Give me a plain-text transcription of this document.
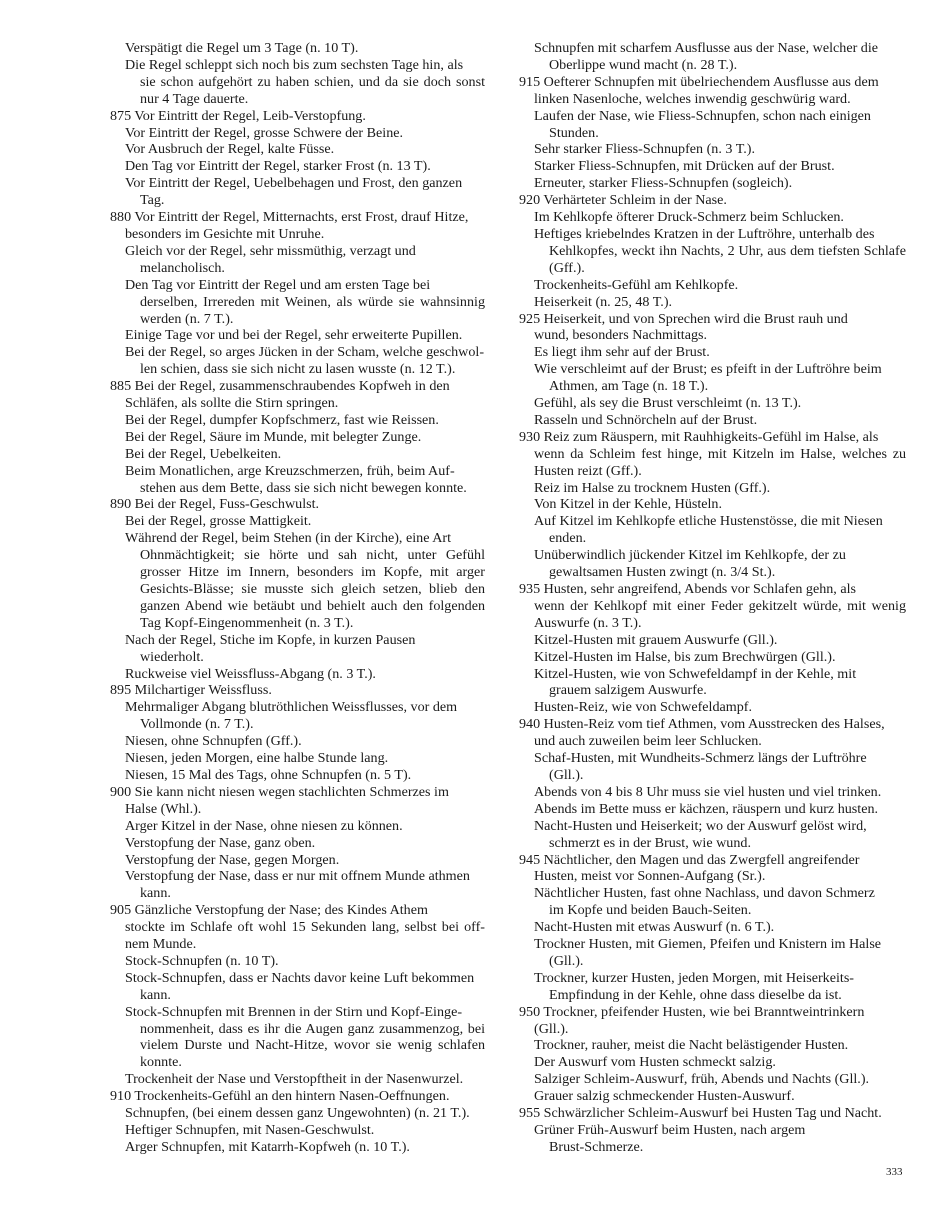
Verspätigt die Regel um 3 Tage (n. 10 T).

Die Regel schleppt sich noch bis zum sechsten Tage hin, als
sie schon aufgehört zu haben schien, und da sie doch sonst nur 4 Tage dauerte.

875 Vor Eintritt der Regel, Leib-Verstopfung.

Vor Eintritt der Regel, grosse Schwere der Beine.

Vor Ausbruch der Regel, kalte Füsse.

Den Tag vor Eintritt der Regel, starker Frost (n. 13 T).

Vor Eintritt der Regel, Uebelbehagen und Frost, den ganzen
Tag.

880 Vor Eintritt der Regel, Mitternachts, erst Frost, drauf Hitze,
besonders im Gesichte mit Unruhe.

Gleich vor der Regel, sehr missmüthig, verzagt und
melancholisch.

Den Tag vor Eintritt der Regel und am ersten Tage bei
derselben, Irrereden mit Weinen, als würde sie wahnsinnig werden (n. 7 T.).

Einige Tage vor und bei der Regel, sehr erweiterte Pupillen.

Bei der Regel, so arges Jücken in der Scham, welche geschwol-
len schien, dass sie sich nicht zu lasen wusste (n. 12 T.).

885 Bei der Regel, zusammenschraubendes Kopfweh in den
Schläfen, als sollte die Stirn springen.

Bei der Regel, dumpfer Kopfschmerz, fast wie Reissen.

Bei der Regel, Säure im Munde, mit belegter Zunge.

Bei der Regel, Uebelkeiten.

Beim Monatlichen, arge Kreuzschmerzen, früh, beim Auf-
stehen aus dem Bette, dass sie sich nicht bewegen konnte.

890 Bei der Regel, Fuss-Geschwulst.

Bei der Regel, grosse Mattigkeit.

Während der Regel, beim Stehen (in der Kirche), eine Art
Ohnmächtigkeit; sie hörte und sah nicht, unter Gefühl grosser Hitze im Innern, besonders im Kopfe, mit arger Gesichts-Blässe; sie musste sich gleich setzen, blieb den ganzen Abend wie betäubt und behielt auch den folgenden Tag Kopf-Eingenommenheit (n. 3 T.).

Nach der Regel, Stiche im Kopfe, in kurzen Pausen
wiederholt.

Ruckweise viel Weissfluss-Abgang (n. 3 T.).

895 Milchartiger Weissfluss.

Mehrmaliger Abgang blutröthlichen Weissflusses, vor dem
Vollmonde (n. 7 T.).

Niesen, ohne Schnupfen (Gff.).

Niesen, jeden Morgen, eine halbe Stunde lang.

Niesen, 15 Mal des Tags, ohne Schnupfen (n. 5 T).

900 Sie kann nicht niesen wegen stachlichten Schmerzes im
Halse (Whl.).

Arger Kitzel in der Nase, ohne niesen zu können.

Verstopfung der Nase, ganz oben.

Verstopfung der Nase, gegen Morgen.

Verstopfung der Nase, dass er nur mit offnem Munde athmen
kann.

905 Gänzliche Verstopfung der Nase; des Kindes Athem
stockte im Schlafe oft wohl 15 Sekunden lang, selbst bei off-nem Munde.

Stock-Schnupfen (n. 10 T).

Stock-Schnupfen, dass er Nachts davor keine Luft bekommen
kann.

Stock-Schnupfen mit Brennen in der Stirn und Kopf-Einge-
nommenheit, dass es ihr die Augen ganz zusammenzog, bei vielem Durste und Nacht-Hitze, wovor sie wenig schlafen konnte.

Trockenheit der Nase und Verstopftheit in der Nasenwurzel.

910 Trockenheits-Gefühl an den hintern Nasen-Oeffnungen.

Schnupfen, (bei einem dessen ganz Ungewohnten) (n. 21 T.).

Heftiger Schnupfen, mit Nasen-Geschwulst.

Arger Schnupfen, mit Katarrh-Kopfweh (n. 10 T.).

Schnupfen mit scharfem Ausflusse aus der Nase, welcher die
Oberlippe wund macht (n. 28 T.).

915 Oefterer Schnupfen mit übelriechendem Ausflusse aus dem
linken Nasenloche, welches inwendig geschwürig ward.

Laufen der Nase, wie Fliess-Schnupfen, schon nach einigen
Stunden.

Sehr starker Fliess-Schnupfen (n. 3 T.).

Starker Fliess-Schnupfen, mit Drücken auf der Brust.

Erneuter, starker Fliess-Schnupfen (sogleich).

920 Verhärteter Schleim in der Nase.

Im Kehlkopfe öfterer Druck-Schmerz beim Schlucken.

Heftiges kriebelndes Kratzen in der Luftröhre, unterhalb des
Kehlkopfes, weckt ihn Nachts, 2 Uhr, aus dem tiefsten Schlafe (Gff.).

Trockenheits-Gefühl am Kehlkopfe.

Heiserkeit (n. 25, 48 T.).

925 Heiserkeit, und von Sprechen wird die Brust rauh und
wund, besonders Nachmittags.

Es liegt ihm sehr auf der Brust.

Wie verschleimt auf der Brust; es pfeift in der Luftröhre beim
Athmen, am Tage (n. 18 T.).

Gefühl, als sey die Brust verschleimt (n. 13 T.).

Rasseln und Schnörcheln auf der Brust.

930 Reiz zum Räuspern, mit Rauhhigkeits-Gefühl im Halse, als
wenn da Schleim fest hinge, mit Kitzeln im Halse, welches zu Husten reizt (Gff.).

Reiz im Halse zu trocknem Husten (Gff.).

Von Kitzel in der Kehle, Hüsteln.

Auf Kitzel im Kehlkopfe etliche Hustenstösse, die mit Niesen
enden.

Unüberwindlich jückender Kitzel im Kehlkopfe, der zu
gewaltsamen Husten zwingt (n. 3/4 St.).

935 Husten, sehr angreifend, Abends vor Schlafen gehn, als
wenn der Kehlkopf mit einer Feder gekitzelt würde, mit wenig Auswurfe (n. 3 T.).

Kitzel-Husten mit grauem Auswurfe (Gll.).

Kitzel-Husten im Halse, bis zum Brechwürgen (Gll.).

Kitzel-Husten, wie von Schwefeldampf in der Kehle, mit
grauem salzigem Auswurfe.

Husten-Reiz, wie von Schwefeldampf.

940 Husten-Reiz vom tief Athmen, vom Ausstrecken des Halses,
und auch zuweilen beim leer Schlucken.

Schaf-Husten, mit Wundheits-Schmerz längs der Luftröhre
(Gll.).

Abends von 4 bis 8 Uhr muss sie viel husten und viel trinken.

Abends im Bette muss er kächzen, räuspern und kurz husten.

Nacht-Husten und Heiserkeit; wo der Auswurf gelöst wird,
schmerzt es in der Brust, wie wund.

945 Nächtlicher, den Magen und das Zwergfell angreifender
Husten, meist vor Sonnen-Aufgang (Sr.).

Nächtlicher Husten, fast ohne Nachlass, und davon Schmerz
im Kopfe und beiden Bauch-Seiten.

Nacht-Husten mit etwas Auswurf (n. 6 T.).

Trockner Husten, mit Giemen, Pfeifen und Knistern im Halse
(Gll.).

Trockner, kurzer Husten, jeden Morgen, mit Heiserkeits-
Empfindung in der Kehle, ohne dass dieselbe da ist.

950 Trockner, pfeifender Husten, wie bei Branntweintrinkern
(Gll.).

Trockner, rauher, meist die Nacht belästigender Husten.

Der Auswurf vom Husten schmeckt salzig.

Salziger Schleim-Auswurf, früh, Abends und Nachts (Gll.).

Grauer salzig schmeckender Husten-Auswurf.

955 Schwärzlicher Schleim-Auswurf bei Husten Tag und Nacht.

Grüner Früh-Auswurf beim Husten, nach argem
Brust-Schmerze.

333
